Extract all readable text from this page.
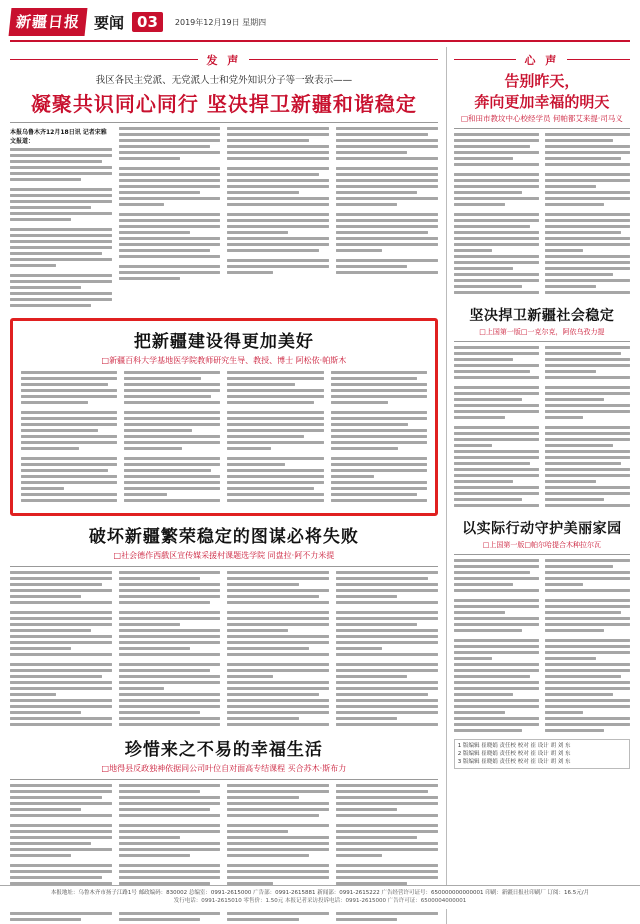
新疆日报 要闻 03	2019年12月19日 星期四
发 声
我区各民主党派、无党派人士和党外知识分子等一致表示——
凝聚共识同心同行 坚决捍卫新疆和谐稳定
本报乌鲁木齐12月18日讯 记者宋雅文报道：
把新疆建设得更加美好
□新疆百科大学基地医学院教师研究生导、教授、博士 阿松依·帕斯木
破坏新疆繁荣稳定的图谋必将失败
□社会德作西戲区宣传媒采援村课题选学院 同盘拉·阿不力米提
珍惜来之不易的幸福生活
□地得县反政独神依据同公司叶位自对面高专结课程 买合苏木·斯布力
心 声
告别昨天，
奔向更加幸福的明天
□和田市教坟中心校经学员 何帕都艾来提·司马义
坚决捍卫新疆社会稳定
□上国第一版□一克尔克，阿依乌孜力提
以实际行动守护美丽家园
□上国第一版□帕尔哈提合木种拉尔瓦
1 版编辑 崔晓娟 责任校 校对 崔 设计 胡 刘 东
2 版编辑 崔晓娟 责任校 校对 崔 设计 胡 刘 东
3 版编辑 崔晓娟 责任校 校对 崔 设计 胡 刘 东
本报地址：乌鲁木齐市扬子江路1号 邮政编码：830002 总编室：0991-2615000 广告部：0991-2615881 新闻部：0991-2615222 广告经营许可证号：650000000000001 印刷：新疆日报社印刷厂 订阅：16.5元/月
发行电话：0991-2615010 零售价：1.50元 本报记者采访投诉电话：0991-2615000 广告许可证：6500004000001
